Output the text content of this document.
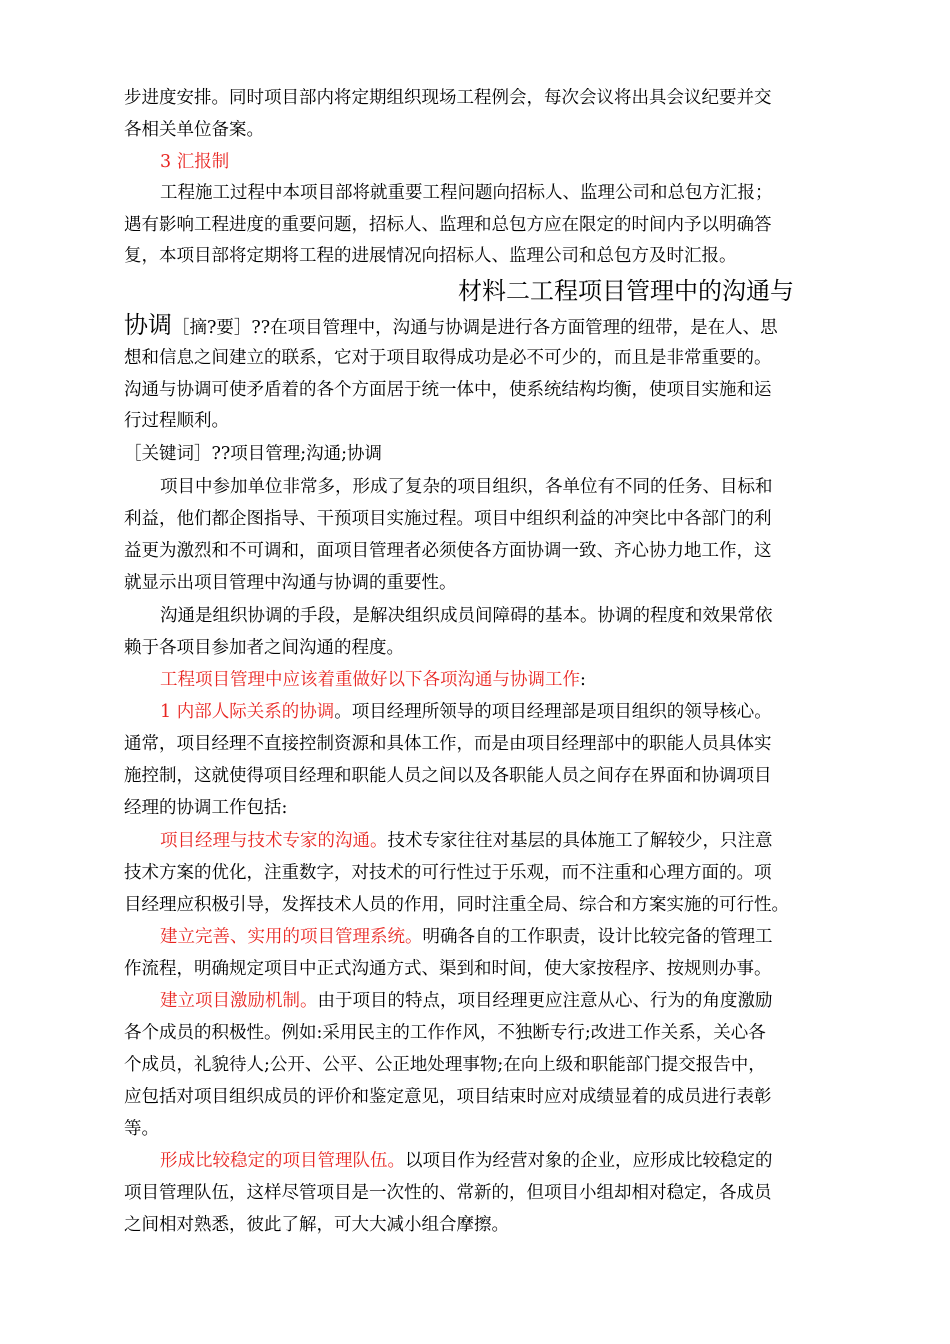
步进度安排。同时项目部内将定期组织现场工程例会，每次会议将出具会议纪要并交
各相关单位备案。
3 汇报制
工程施工过程中本项目部将就重要工程问题向招标人、监理公司和总包方汇报；
遇有影响工程进度的重要问题，招标人、监理和总包方应在限定的时间内予以明确答
复，本项目部将定期将工程的进展情况向招标人、监理公司和总包方及时汇报。
材料二工程项目管理中的沟通与
协调［摘?要］??在项目管理中，沟通与协调是进行各方面管理的纽带，是在人、思
想和信息之间建立的联系，它对于项目取得成功是必不可少的，而且是非常重要的。
沟通与协调可使矛盾着的各个方面居于统一体中，使系统结构均衡，使项目实施和运
行过程顺利。
［关键词］??项目管理;沟通;协调
项目中参加单位非常多，形成了复杂的项目组织，各单位有不同的任务、目标和
利益，他们都企图指导、干预项目实施过程。项目中组织利益的冲突比中各部门的利
益更为激烈和不可调和，面项目管理者必须使各方面协调一致、齐心协力地工作，这
就显示出项目管理中沟通与协调的重要性。
沟通是组织协调的手段，是解决组织成员间障碍的基本。协调的程度和效果常依
赖于各项目参加者之间沟通的程度。
工程项目管理中应该着重做好以下各项沟通与协调工作:
1 内部人际关系的协调。项目经理所领导的项目经理部是项目组织的领导核心。
通常，项目经理不直接控制资源和具体工作，而是由项目经理部中的职能人员具体实
施控制，这就使得项目经理和职能人员之间以及各职能人员之间存在界面和协调项目
经理的协调工作包括:
项目经理与技术专家的沟通。技术专家往往对基层的具体施工了解较少，只注意
技术方案的优化，注重数字，对技术的可行性过于乐观，而不注重和心理方面的。项
目经理应积极引导，发挥技术人员的作用，同时注重全局、综合和方案实施的可行性。
建立完善、实用的项目管理系统。明确各自的工作职责，设计比较完备的管理工
作流程，明确规定项目中正式沟通方式、渠到和时间，使大家按程序、按规则办事。
建立项目激励机制。由于项目的特点，项目经理更应注意从心、行为的角度激励
各个成员的积极性。例如:采用民主的工作作风，不独断专行;改进工作关系，关心各
个成员，礼貌待人;公开、公平、公正地处理事物;在向上级和职能部门提交报告中，
应包括对项目组织成员的评价和鉴定意见，项目结束时应对成绩显着的成员进行表彰
等。
形成比较稳定的项目管理队伍。以项目作为经营对象的企业，应形成比较稳定的
项目管理队伍，这样尽管项目是一次性的、常新的，但项目小组却相对稳定，各成员
之间相对熟悉，彼此了解，可大大减小组合摩擦。
